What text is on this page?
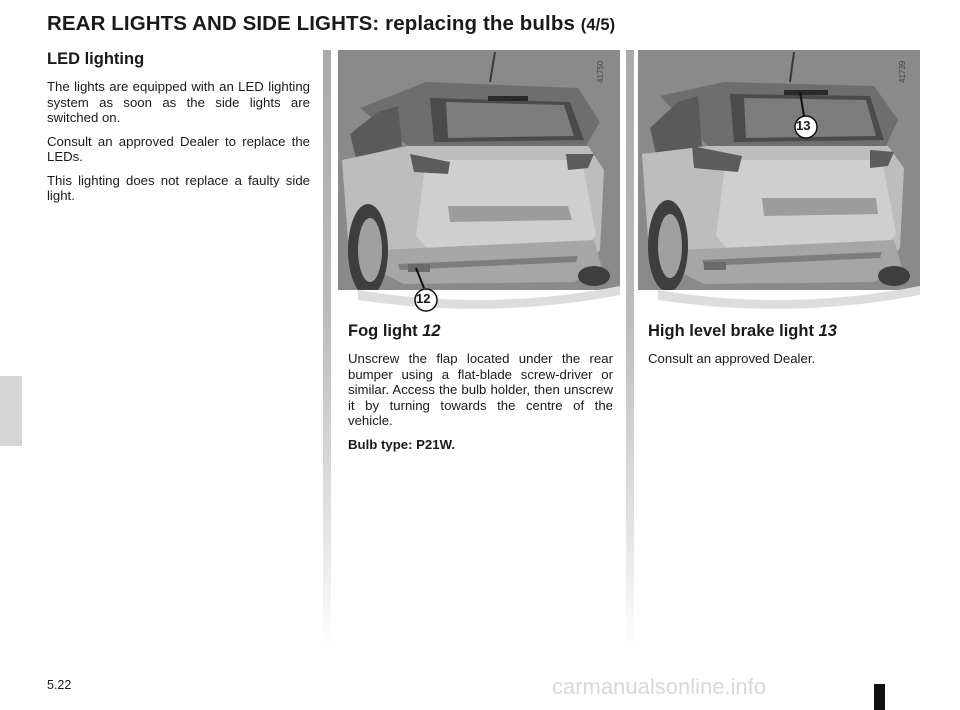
REAR LIGHTS AND SIDE LIGHTS: replacing the bulbs (4/5)
LED lighting

The lights are equipped with an LED lighting system as soon as the side lights are switched on.

Consult an approved Dealer to replace the LEDs.

This lighting does not replace a faulty side light.

12
41750
13
41739
Fog light 12

Unscrew the flap located under the rear bumper using a flat-blade screw-driver or similar. Access the bulb holder, then unscrew it by turning towards the centre of the vehicle.

Bulb type: P21W.

High level brake light 13

Consult an approved Dealer.

5.22	carmanualsonline.info
